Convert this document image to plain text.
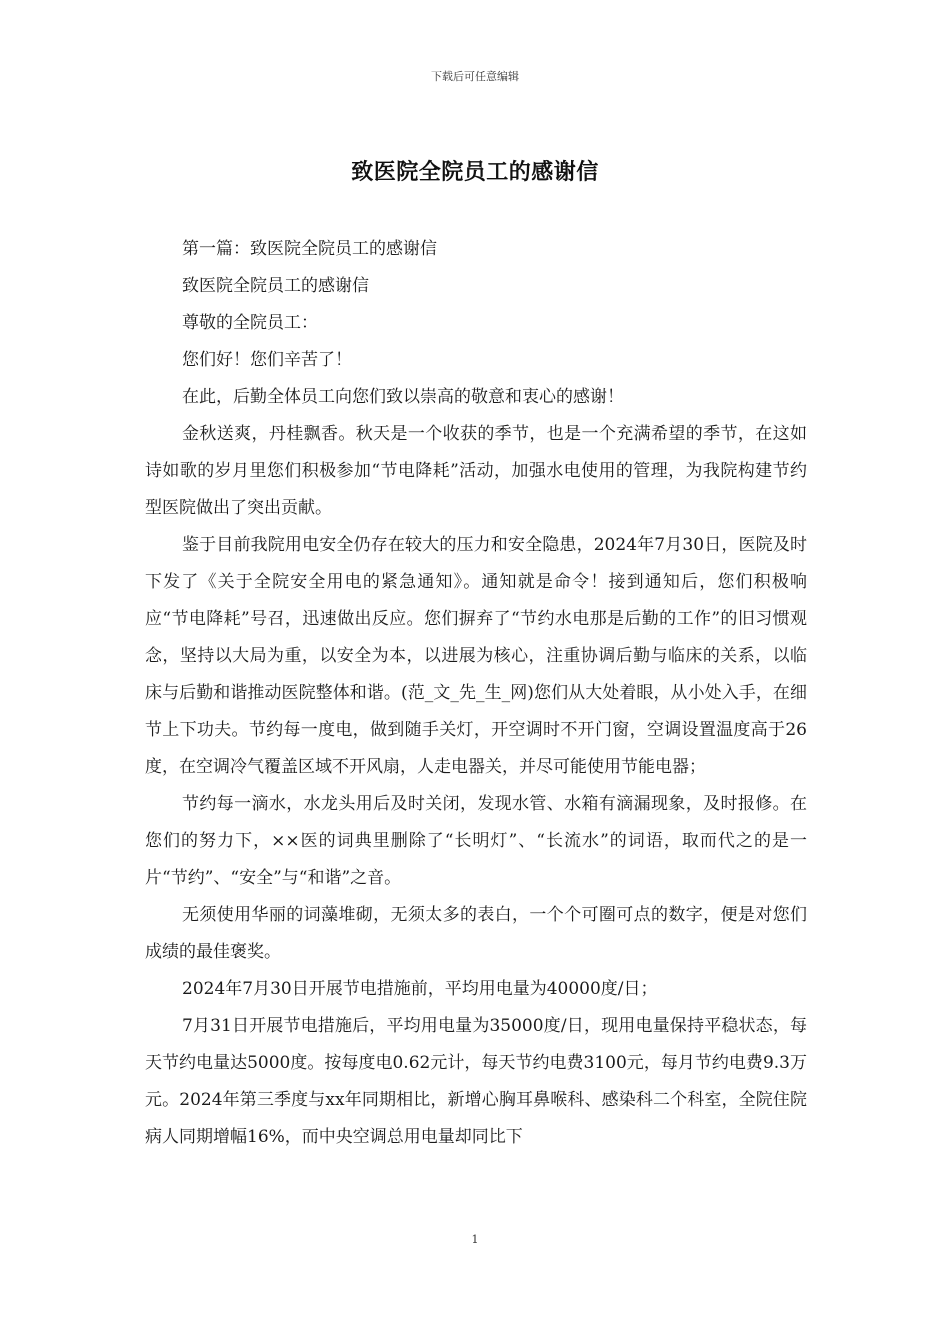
下载后可任意编辑
致医院全院员工的感谢信

第一篇：致医院全院员工的感谢信

致医院全院员工的感谢信

尊敬的全院员工：

您们好！您们辛苦了！

在此，后勤全体员工向您们致以崇高的敬意和衷心的感谢！

金秋送爽，丹桂飘香。秋天是一个收获的季节，也是一个充满希望的季节，在这如诗如歌的岁月里您们积极参加“节电降耗”活动，加强水电使用的管理，为我院构建节约型医院做出了突出贡献。

鉴于目前我院用电安全仍存在较大的压力和安全隐患，2024年7月30日，医院及时下发了《关于全院安全用电的紧急通知》。通知就是命令！接到通知后，您们积极响应“节电降耗”号召，迅速做出反应。您们摒弃了“节约水电那是后勤的工作”的旧习惯观念，坚持以大局为重，以安全为本，以进展为核心，注重协调后勤与临床的关系，以临床与后勤和谐推动医院整体和谐。(范_文_先_生_网)您们从大处着眼，从小处入手，在细节上下功夫。节约每一度电，做到随手关灯，开空调时不开门窗，空调设置温度高于26度，在空调冷气覆盖区域不开风扇，人走电器关，并尽可能使用节能电器；

节约每一滴水，水龙头用后及时关闭，发现水管、水箱有滴漏现象，及时报修。在您们的努力下，××医的词典里删除了“长明灯”、“长流水”的词语，取而代之的是一片“节约”、“安全”与“和谐”之音。

无须使用华丽的词藻堆砌，无须太多的表白，一个个可圈可点的数字，便是对您们成绩的最佳褒奖。

2024年7月30日开展节电措施前，平均用电量为40000度/日；

7月31日开展节电措施后，平均用电量为35000度/日，现用电量保持平稳状态，每天节约电量达5000度。按每度电0.62元计，每天节约电费3100元，每月节约电费9.3万元。2024年第三季度与xx年同期相比，新增心胸耳鼻喉科、感染科二个科室，全院住院病人同期增幅16%，而中央空调总用电量却同比下

1
